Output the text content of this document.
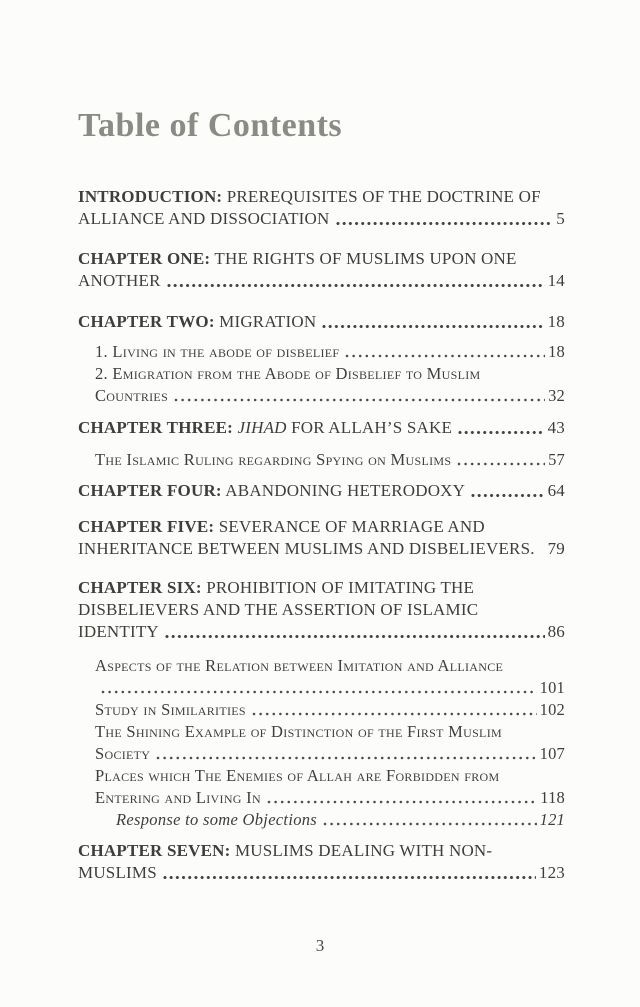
Table of Contents
INTRODUCTION: PREREQUISITES OF THE DOCTRINE OF
ALLIANCE AND DISSOCIATION	5
CHAPTER ONE: THE RIGHTS OF MUSLIMS UPON ONE
ANOTHER	14
CHAPTER TWO: MIGRATION	18
1. Living in the abode of disbelief	18
2. Emigration from the Abode of Disbelief to Muslim
Countries	32
CHAPTER THREE: JIHAD FOR ALLAH’S SAKE	43
The Islamic Ruling regarding Spying on Muslims	57
CHAPTER FOUR: ABANDONING HETERODOXY	64
CHAPTER FIVE: SEVERANCE OF MARRIAGE AND
INHERITANCE BETWEEN MUSLIMS AND DISBELIEVERS. 79
CHAPTER SIX: PROHIBITION OF IMITATING THE
DISBELIEVERS AND THE ASSERTION OF ISLAMIC
IDENTITY	86
Aspects of the Relation between Imitation and Alliance
101
Study in Similarities	102
The Shining Example of Distinction of the First Muslim
Society	107
Places which The Enemies of Allah are Forbidden from
Entering and Living In	118
Response to some Objections	121
CHAPTER SEVEN: MUSLIMS DEALING WITH NON-
MUSLIMS	123
3
